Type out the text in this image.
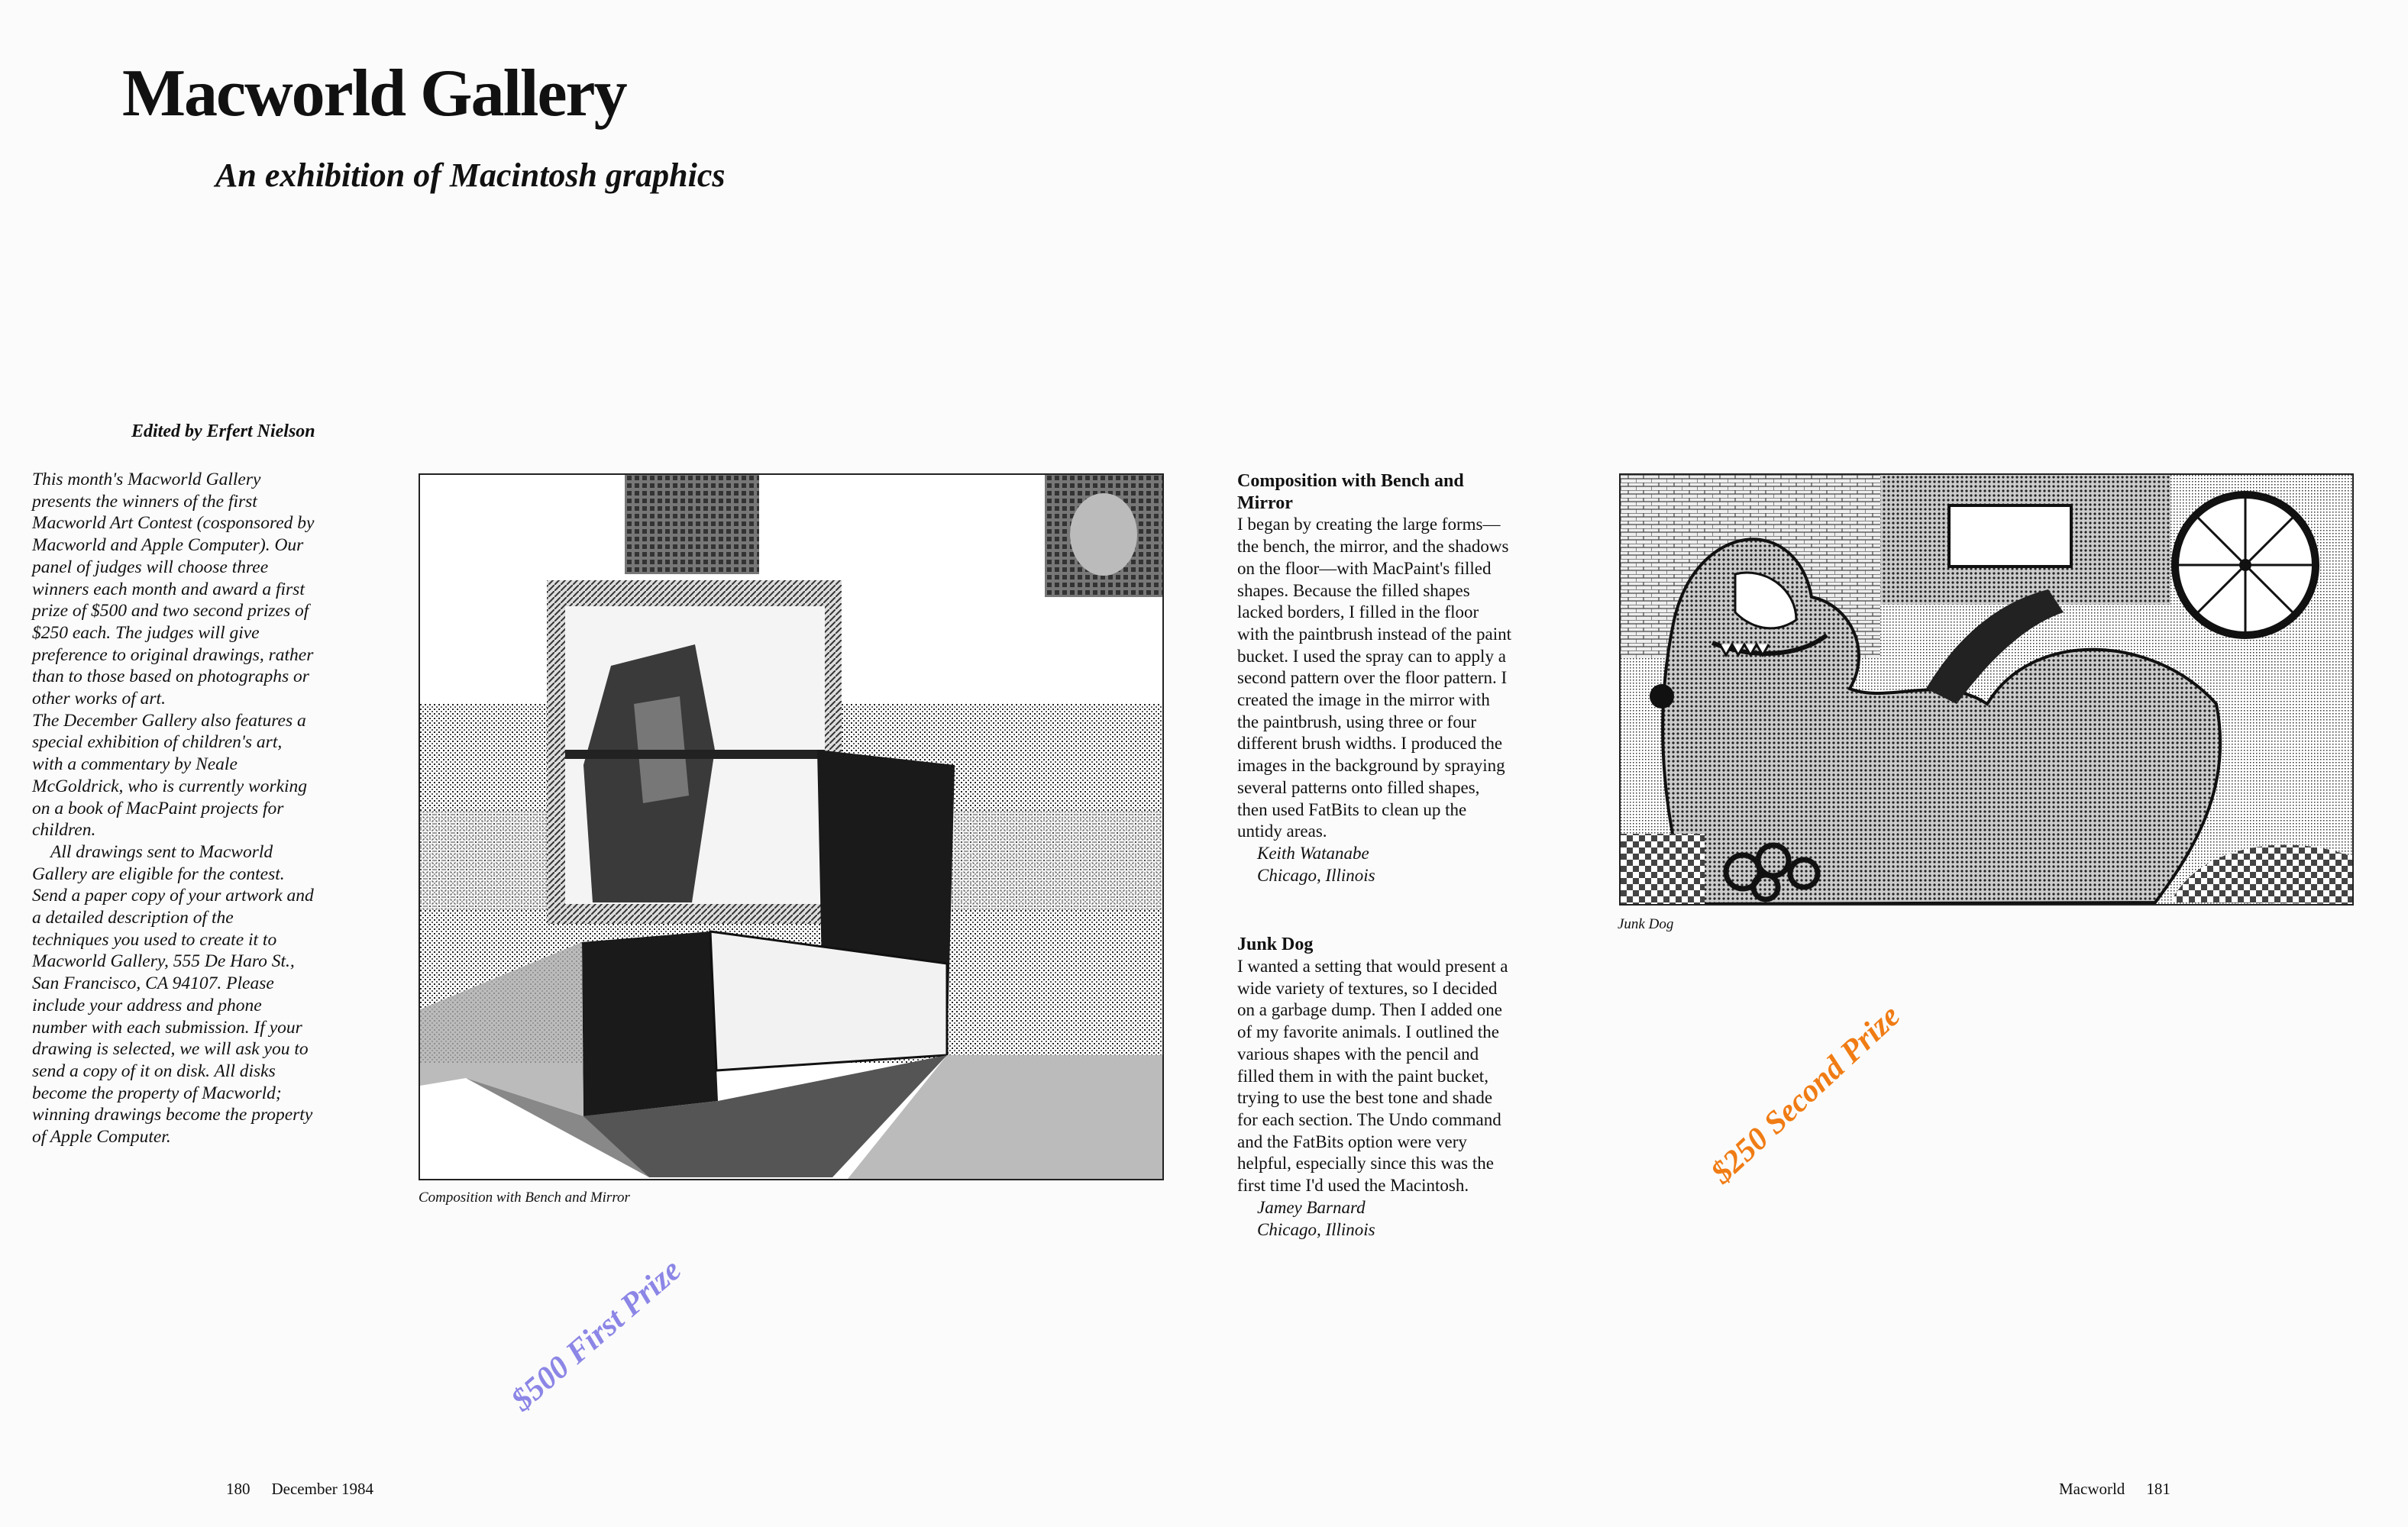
Macworld Gallery
An exhibition of Macintosh graphics
Edited by Erfert Nielson

This month's Macworld Gallery presents the winners of the first Macworld Art Contest (cosponsored by Macworld and Apple Computer). Our panel of judges will choose three winners each month and award a first prize of $500 and two second prizes of $250 each. The judges will give preference to original drawings, rather than to those based on photographs or other works of art.

The December Gallery also features a special exhibition of children's art, with a commentary by Neale McGoldrick, who is currently working on a book of MacPaint projects for children.

All drawings sent to Macworld Gallery are eligible for the contest. Send a paper copy of your artwork and a detailed description of the techniques you used to create it to Macworld Gallery, 555 De Haro St., San Francisco, CA 94107. Please include your address and phone number with each submission. If your drawing is selected, we will ask you to send a copy of it on disk. All disks become the property of Macworld; winning drawings become the property of Apple Computer.

Composition with Bench and Mirror
Junk Dog
Composition with Bench and Mirror

I began by creating the large forms—the bench, the mirror, and the shadows on the floor—with MacPaint's filled shapes. Because the filled shapes lacked borders, I filled in the floor with the paintbrush instead of the paint bucket. I used the spray can to apply a second pattern over the floor pattern. I created the image in the mirror with the paintbrush, using three or four different brush widths. I produced the images in the background by spraying several patterns onto filled shapes, then used FatBits to clean up the untidy areas.

Keith Watanabe

Chicago, Illinois

Junk Dog

I wanted a setting that would present a wide variety of textures, so I decided on a garbage dump. Then I added one of my favorite animals. I outlined the various shapes with the pencil and filled them in with the paint bucket, trying to use the best tone and shade for each section. The Undo command and the FatBits option were very helpful, especially since this was the first time I'd used the Macintosh.

Jamey Barnard

Chicago, Illinois

$500 First Prize
$250 Second Prize
180 December 1984	Macworld 181
